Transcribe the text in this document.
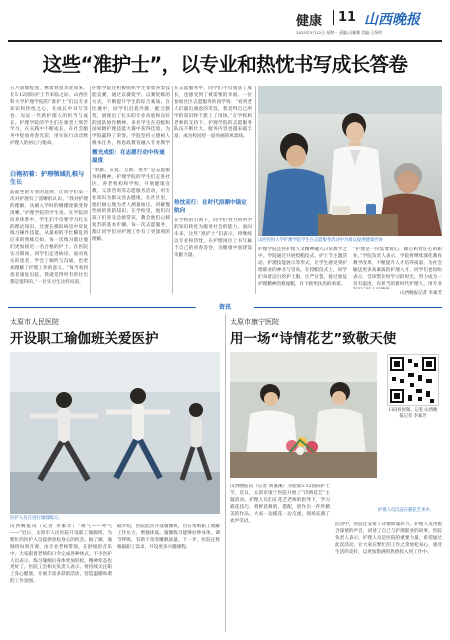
健康	11 山西晚报
2025年5月12日 星期一 责编:冯雅娜 美编:王保明
这些“准护士”，以专业和热忱书写成长答卷
五月蔷薇绽放，携着春意奔赴而来。在5·12国际护士节来临之际，山西医科大学护理学院的“准护士”们以专业知识和热忱之心，在成长中书写答卷，见证一代新护理人的担当与成长。护理学院的学生们在课堂上刻苦学习，在实践中不断成长，在社会服务中绽放青春光彩，用实际行动诠释护理人的初心与使命。
白袍初着：护理领域扎根与生长
前面坐的专业的选择，让同学们第一次对护理有了清晰的认识。“我对护理的理解，从刚入学时的懵懂逐渐变得清晰。”护理学院的学生说。在学院的培养体系中，学生们不仅要学习扎实的理论知识，还要在模拟病房中反复练习操作技能。从最初的手忙脚乱到后来的熟练自如，每一次练习都让他们更加接近一名合格的护士。在医院实习期间，同学们走进病房，面对真实的患者，学会了倾听与沟通，也更加理解了护理工作的意义。“每当看到患者康复出院，我就觉得所有的付出都是值得的。”一位实习生这样说道。
护理学院还积极组织学生参加各类技能竞赛，通过以赛促学、以赛促练的方式，不断提升学生的综合素质。在比赛中，同学们沉着冷静、配合默契，展现出了扎实的专业功底和良好的团队协作精神。多名学生在省级和国家级护理技能大赛中获得佳绩，为学院赢得了荣誉。学院坚持立德树人根本任务，将思政教育融入专业教学
微光成炬：在志愿行动中传递温度
“奉献、友爱、互助、进步”是志愿服务的精神。护理学院的学生们走进社区、养老机构和学校，开展健康宣教、义诊咨询等志愿服务活动，用专业知识为群众送去健康。在社区里，他们耐心地为老人测量血压、讲解慢性病的预防知识；在学校里，他们向孩子们普及急救常识，教会他们心肺复苏的基本步骤。每一次志愿服务，都让同学们对护理工作有了更深刻的理解。
在志愿服务中，同学们不仅收获了成长，也感受到了被需要的幸福。一位参加社区志愿服务的同学说：“看到老人们露出满意的笑容，我觉得自己所学的知识终于派上了用场。”在学校和老师的支持下，护理学院的志愿服务队伍不断壮大，服务内容也越来越丰富，成为校园里一道亮丽的风景线。
热忱而行：在时代浪潮中锚定航向
在学校的引领下，同学们努力将所学的知识转化为服务社会的能力。面向未来，这些“准护士”们表示，将继续以专业和热忱，在护理岗位上书写属于自己的青春答卷，为健康中国建设贡献力量。
山西医科大学护理学院学生在志愿服务活动中为群众提供健康咨询
护理学院还将护理人文精神融入日常教学之中。学院通过开展授帽仪式、护士节主题活动、护理技能展示等形式，让学生感受到护理职业的神圣与崇高。在授帽仪式上，同学们身着洁白的护士服，庄严宣誓，接过象征护理精神的燕尾帽，许下救死扶伤的承诺。
“护理是一份需要爱心、耐心和责任心的职业。”学院负责人表示，学院将继续深化教育教学改革，不断提升人才培养质量，为社会输送更多高素质的护理人才。同学们也纷纷表示，会珍惜在校学习的时光，努力成为一名有温度、有担当的新时代护理人，用专业
山西晚报记者 李素芳
资讯
太原市人民医院
开设职工瑜伽班关爱医护
医护人员在进行瑜伽练习。
山西晚报讯（记者 李素芳）“吸气——呼气——”近日，太原市人民医院开设职工瑜伽班，为繁忙的医护人员提供放松身心的机会。据了解，瑜伽班每周开课，由专业老师带领，在舒缓的音乐中，大家跟着老师的口令完成各种体式。不少医护人员表示，练习瑜伽后身体更加轻松，精神状态也更好了。医院工会相关负责人表示，将持续关注职工身心健康，开展丰富多彩的活动，营造温暖和谐的工作氛围。
据介绍，医院此次开设瑜伽班，旨在帮助职工缓解工作压力，增强体质。瑜伽练习能够拉伸身体、调节呼吸，有助于改善睡眠质量。下一步，医院还将根据职工需求，开设更多兴趣课程。
太原市康宁医院
用一场“诗情花艺”致敬天使
扫码看视频。记者 山西晚报记者 李素芳
护理人员沉浸在插花艺术中。
山西晚报讯（记者 刘嘉溪）为迎接5·12国际护士节，近日，太原市康宁医院开展了“诗情花艺”主题活动。护理人员们在花艺老师的指导下，学习插花技巧，将鲜花修剪、搭配，创作出一件件精美的作品。大家一边插花一边交流，现场充满了欢声笑语。
活动中，医院还安排了诗歌朗诵环节，护理人员用饱含深情的声音，讲述了自己与护理职业的故事。医院负责人表示，护理人员是医院的重要力量，希望通过此次活动，让大家在繁忙的工作之余放松身心，感受生活的美好，以更加饱满的热情投入到工作中。
